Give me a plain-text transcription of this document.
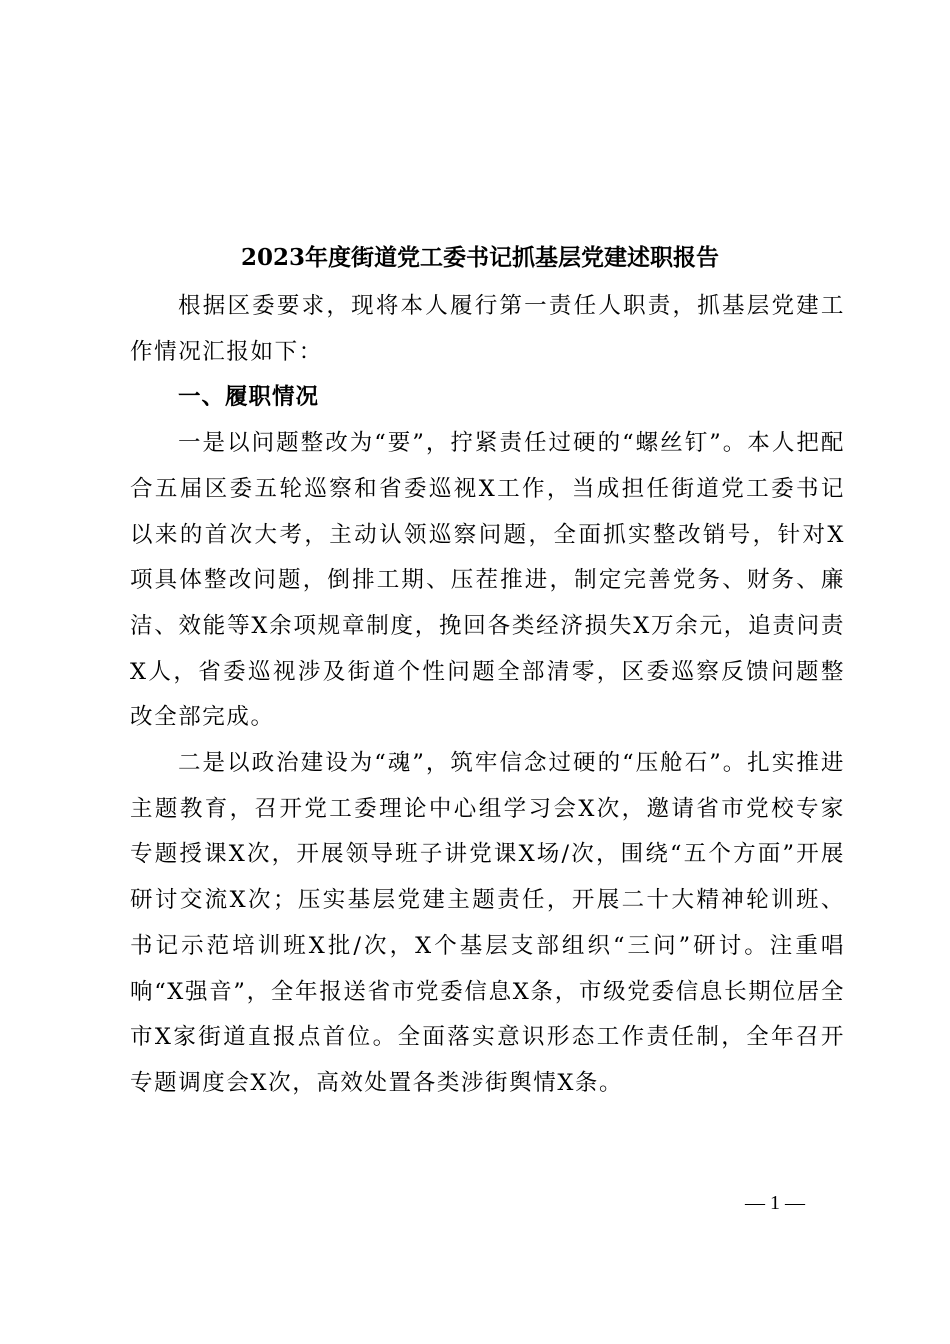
2023年度街道党工委书记抓基层党建述职报告

根据区委要求，现将本人履行第一责任人职责，抓基层党建工作情况汇报如下：

一、履职情况

一是以问题整改为“要”，拧紧责任过硬的“螺丝钉”。本人把配合五届区委五轮巡察和省委巡视X工作，当成担任街道党工委书记以来的首次大考，主动认领巡察问题，全面抓实整改销号，针对X项具体整改问题，倒排工期、压茬推进，制定完善党务、财务、廉洁、效能等X余项规章制度，挽回各类经济损失X万余元，追责问责X人，省委巡视涉及街道个性问题全部清零，区委巡察反馈问题整改全部完成。

二是以政治建设为“魂”，筑牢信念过硬的“压舱石”。扎实推进主题教育，召开党工委理论中心组学习会X次，邀请省市党校专家专题授课X次，开展领导班子讲党课X场/次，围绕“五个方面”开展研讨交流X次；压实基层党建主题责任，开展二十大精神轮训班、书记示范培训班X批/次，X个基层支部组织“三问”研讨。注重唱响“X强音”，全年报送省市党委信息X条，市级党委信息长期位居全市X家街道直报点首位。全面落实意识形态工作责任制，全年召开专题调度会X次，高效处置各类涉街舆情X条。

— 1 —
